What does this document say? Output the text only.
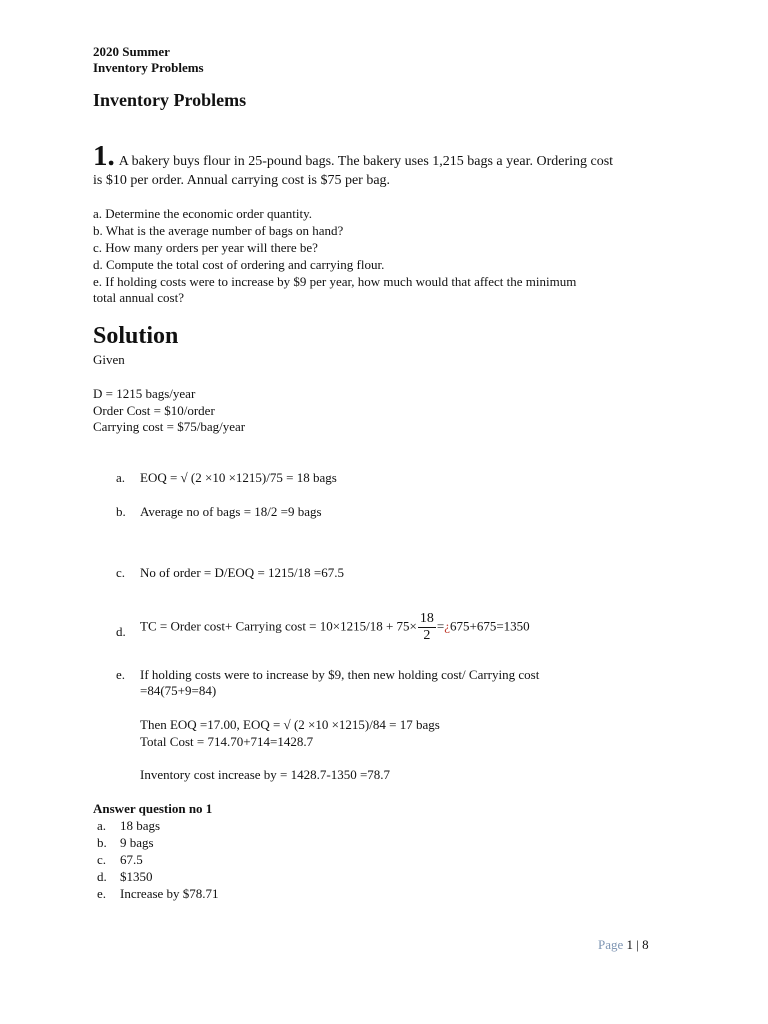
2020 Summer
Inventory Problems
Inventory Problems
1. A bakery buys flour in 25-pound bags. The bakery uses 1,215 bags a year. Ordering cost
is $10 per order. Annual carrying cost is $75 per bag.
a. Determine the economic order quantity.
b. What is the average number of bags on hand?
c. How many orders per year will there be?
d. Compute the total cost of ordering and carrying flour.
e. If holding costs were to increase by $9 per year, how much would that affect the minimum
total annual cost?
Solution
Given
D = 1215 bags/year
Order Cost = $10/order
Carrying cost = $75/bag/year
a.	EOQ = √ (2 ×10 ×1215)/75 = 18 bags
b.	Average no of bags = 18/2 =9 bags
c.	No of order = D/EOQ = 1215/18 =67.5
d.	TC = Order cost+ Carrying $\cos t = 10\times 1215/18 + 75\times \frac{18}{2}$ =¿675+675=1350
e.	If holding costs were to increase by $9, then new holding cost/ Carrying cost
=84(75+9=84)
Then EOQ =17.00, EOQ = √ (2 ×10 ×1215)/84 = 17 bags
Total Cost = 714.70+714=1428.7
Inventory cost increase by = 1428.7-1350 =78.7
Answer question no 1
a.	18 bags
b.	9 bags
c.	67.5
d.	$1350
e.	Increase by $78.71
Page 1 | 8
